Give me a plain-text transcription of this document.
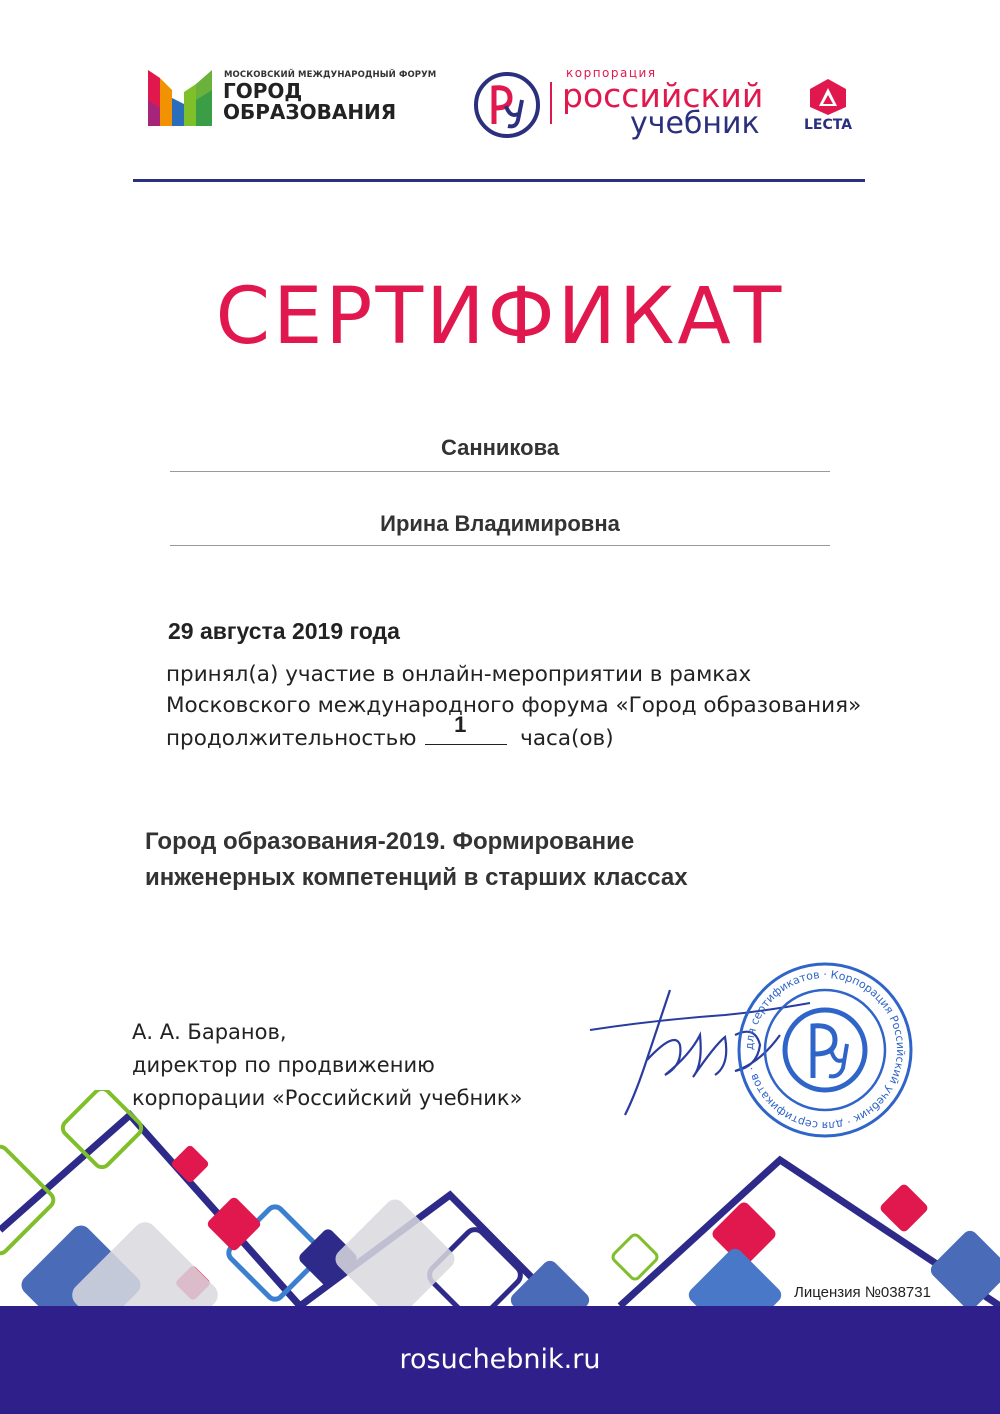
МОСКОВСКИЙ МЕЖДУНАРОДНЫЙ ФОРУМ
ГОРОД
ОБРАЗОВАНИЯ
корпорация
российский
учебник	LECTA
СЕРТИФИКАТ
Санникова
Ирина Владимировна
29 августа 2019 года
принял(а) участие в онлайн-мероприятии в рамках
Московского международного форума «Город образования»
продолжительностью
1
часа(ов)
Город образования-2019. Формирование
инженерных компетенций в старших классах
А. А. Баранов,
директор по продвижению
корпорации «Российский учебник»
для сертификатов · Корпорация Российский учебник · для сертификатов ·
Лицензия №038731
rosuchebnik.ru
